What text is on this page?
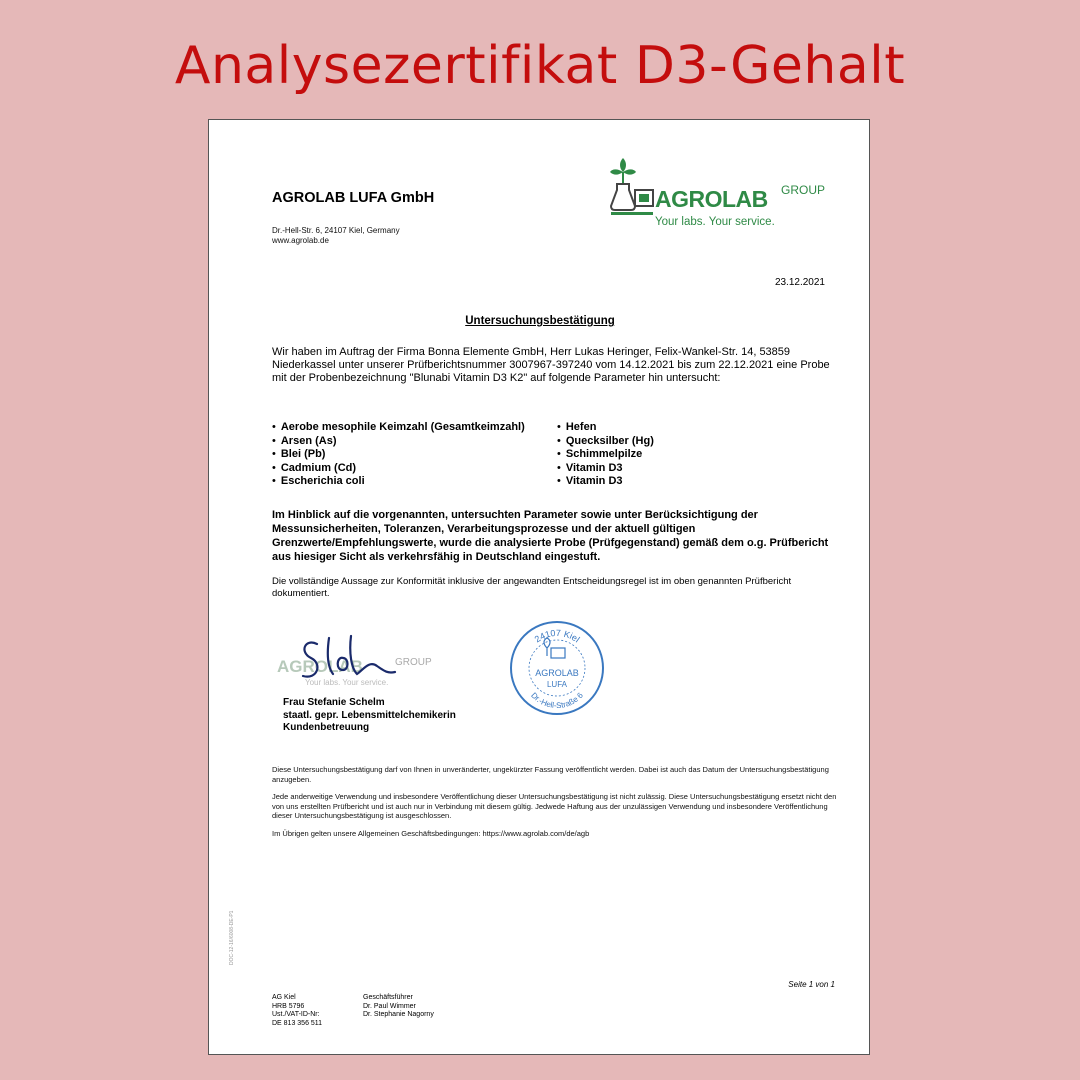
Analysezertifikat D3-Gehalt
AGROLAB LUFA GmbH
Dr.-Hell-Str. 6, 24107 Kiel, Germany
www.agrolab.de
AGROLAB GROUP
Your labs. Your service.
23.12.2021
Untersuchungsbestätigung
Wir haben im Auftrag der Firma Bonna Elemente GmbH, Herr Lukas Heringer, Felix-Wankel-Str. 14, 53859 Niederkassel unter unserer Prüfberichtsnummer 3007967-397240 vom 14.12.2021 bis zum 22.12.2021 eine Probe mit der Probenbezeichnung "Blunabi Vitamin D3 K2" auf folgende Parameter hin untersucht:
• Aerobe mesophile Keimzahl (Gesamtkeimzahl)
• Arsen (As)
• Blei (Pb)
• Cadmium (Cd)
• Escherichia coli
• Hefen
• Quecksilber (Hg)
• Schimmelpilze
• Vitamin D3
• Vitamin D3
Im Hinblick auf die vorgenannten, untersuchten Parameter sowie unter Berücksichtigung der Messunsicherheiten, Toleranzen, Verarbeitungsprozesse und der aktuell gültigen Grenzwerte/Empfehlungswerte, wurde die analysierte Probe (Prüfgegenstand) gemäß dem o.g. Prüfbericht aus hiesiger Sicht als verkehrsfähig in Deutschland eingestuft.
Die vollständige Aussage zur Konformität inklusive der angewandten Entscheidungsregel ist im oben genannten Prüfbericht dokumentiert.
AGROLAB	GROUP
Your labs. Your service.
24107 Kiel
Dr.-Hell-Straße 6
AGROLAB
LUFA
Frau Stefanie Schelm
staatl. gepr. Lebensmittelchemikerin
Kundenbetreuung

Diese Untersuchungsbestätigung darf von Ihnen in unveränderter, ungekürzter Fassung veröffentlicht werden. Dabei ist auch das Datum der Untersuchungsbestätigung anzugeben.

Jede anderweitige Verwendung und insbesondere Veröffentlichung dieser Untersuchungsbestätigung ist nicht zulässig. Diese Untersuchungsbestätigung ersetzt nicht den von uns erstellten Prüfbericht und ist auch nur in Verbindung mit diesem gültig. Jedwede Haftung aus der unzulässigen Verwendung und insbesondere Veröffentlichung dieser Untersuchungsbestätigung ist ausgeschlossen.

Im Übrigen gelten unsere Allgemeinen Geschäftsbedingungen: https://www.agrolab.com/de/agb

Seite 1 von 1
AG Kiel
HRB 5796
Ust./VAT-ID-Nr:
DE 813 356 511
Geschäftsführer
Dr. Paul Wimmer
Dr. Stephanie Nagorny
DOC-12-16/6008-DE-P1
